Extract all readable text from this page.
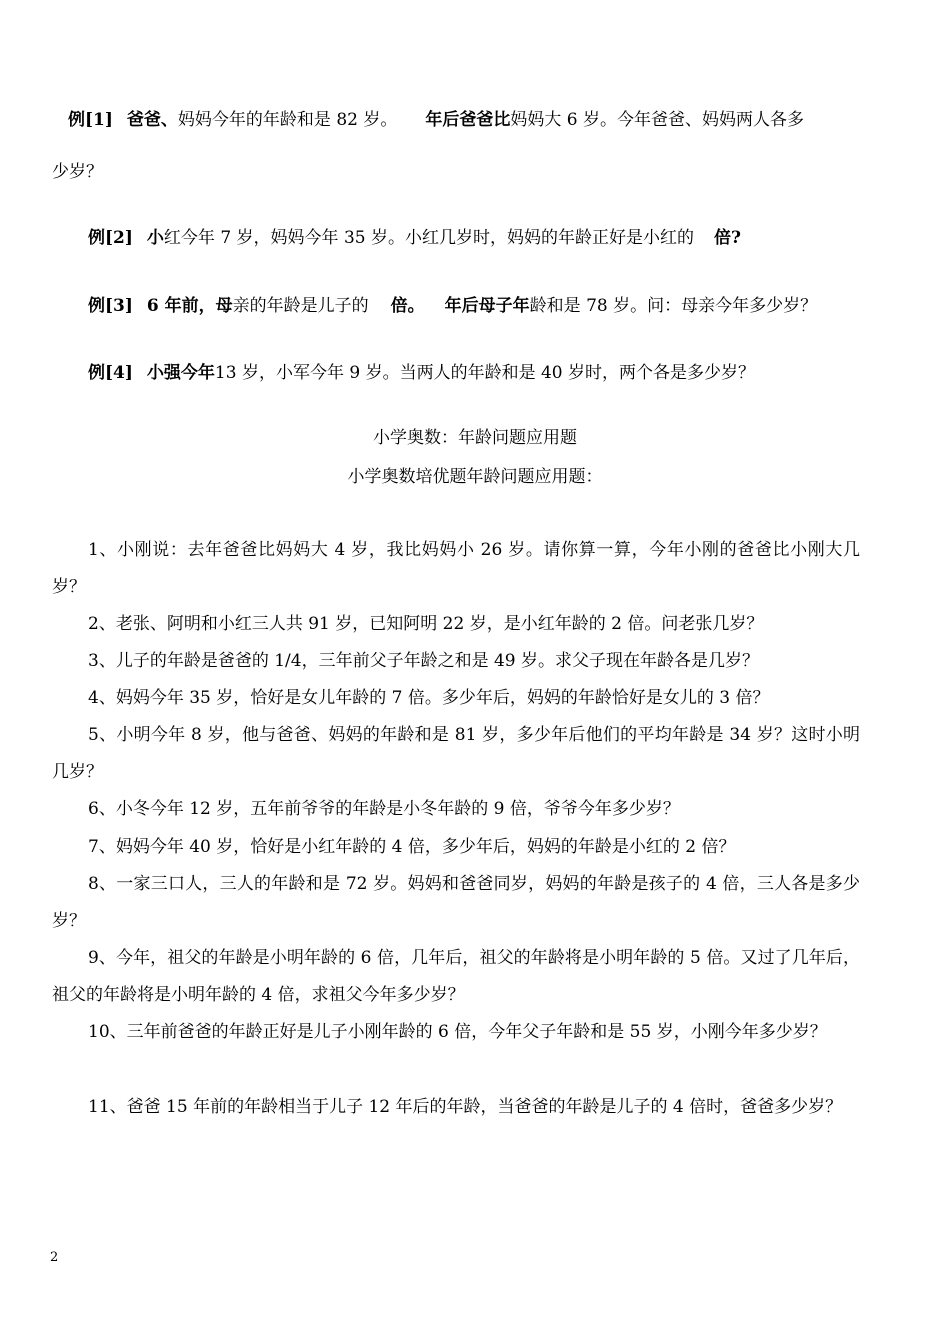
例[1] 爸爸、妈妈今年的年龄和是 82 岁。 年后爸爸比妈妈大 6 岁。今年爸爸、妈妈两人各多
少岁？
例[2] 小红今年 7 岁，妈妈今年 35 岁。小红几岁时，妈妈的年龄正好是小红的 倍?
例[3] 6 年前，母亲的年龄是儿子的 倍。 年后母子年龄和是 78 岁。问：母亲今年多少岁？
例[4] 小强今年13 岁，小军今年 9 岁。当两人的年龄和是 40 岁时，两个各是多少岁？
小学奥数：年龄问题应用题
小学奥数培优题年龄问题应用题：

1、小刚说：去年爸爸比妈妈大 4 岁，我比妈妈小 26 岁。请你算一算，今年小刚的爸爸比小刚大几岁？

2、老张、阿明和小红三人共 91 岁，已知阿明 22 岁，是小红年龄的 2 倍。问老张几岁？

3、儿子的年龄是爸爸的 1/4，三年前父子年龄之和是 49 岁。求父子现在年龄各是几岁？

4、妈妈今年 35 岁，恰好是女儿年龄的 7 倍。多少年后，妈妈的年龄恰好是女儿的 3 倍？

5、小明今年 8 岁，他与爸爸、妈妈的年龄和是 81 岁，多少年后他们的平均年龄是 34 岁？这时小明几岁？

6、小冬今年 12 岁，五年前爷爷的年龄是小冬年龄的 9 倍，爷爷今年多少岁？

7、妈妈今年 40 岁，恰好是小红年龄的 4 倍，多少年后，妈妈的年龄是小红的 2 倍？

8、一家三口人，三人的年龄和是 72 岁。妈妈和爸爸同岁，妈妈的年龄是孩子的 4 倍，三人各是多少岁？

9、今年，祖父的年龄是小明年龄的 6 倍，几年后，祖父的年龄将是小明年龄的 5 倍。又过了几年后，祖父的年龄将是小明年龄的 4 倍，求祖父今年多少岁？

10、三年前爸爸的年龄正好是儿子小刚年龄的 6 倍，今年父子年龄和是 55 岁，小刚今年多少岁？

11、爸爸 15 年前的年龄相当于儿子 12 年后的年龄，当爸爸的年龄是儿子的 4 倍时，爸爸多少岁？

2
